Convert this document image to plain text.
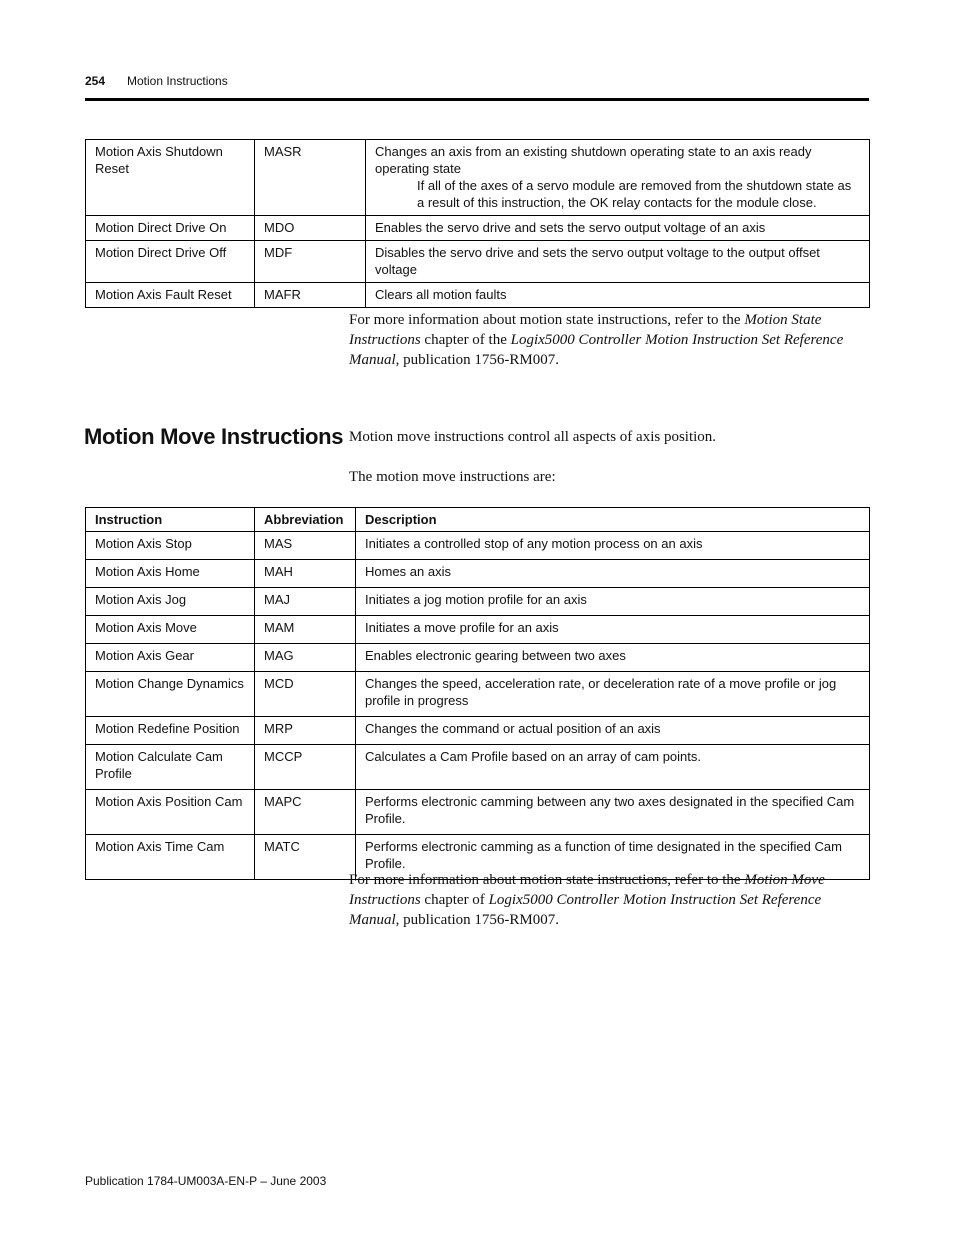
254 Motion Instructions
Motion Axis Shutdown Reset	MASR	Changes an axis from an existing shutdown operating state to an axis ready operating state
If all of the axes of a servo module are removed from the shutdown state as a result of this instruction, the OK relay contacts for the module close.

Motion Direct Drive On	MDO	Enables the servo drive and sets the servo output voltage of an axis
Motion Direct Drive Off	MDF	Disables the servo drive and sets the servo output voltage to the output offset voltage
Motion Axis Fault Reset	MAFR	Clears all motion faults
For more information about motion state instructions, refer to the Motion State Instructions chapter of the Logix5000 Controller Motion Instruction Set Reference Manual, publication 1756-RM007.
Motion Move Instructions Motion move instructions control all aspects of axis position.
The motion move instructions are:
Instruction	Abbreviation	Description
Motion Axis Stop	MAS	Initiates a controlled stop of any motion process on an axis
Motion Axis Home	MAH	Homes an axis
Motion Axis Jog	MAJ	Initiates a jog motion profile for an axis
Motion Axis Move	MAM	Initiates a move profile for an axis
Motion Axis Gear	MAG	Enables electronic gearing between two axes
Motion Change Dynamics	MCD	Changes the speed, acceleration rate, or deceleration rate of a move profile or jog profile in progress
Motion Redefine Position	MRP	Changes the command or actual position of an axis
Motion Calculate Cam Profile	MCCP	Calculates a Cam Profile based on an array of cam points.
Motion Axis Position Cam	MAPC	Performs electronic camming between any two axes designated in the specified Cam Profile.
Motion Axis Time Cam	MATC	Performs electronic camming as a function of time designated in the specified Cam Profile.
For more information about motion state instructions, refer to the Motion Move Instructions chapter of Logix5000 Controller Motion Instruction Set Reference Manual, publication 1756-RM007.
Publication 1784-UM003A-EN-P – June 2003
